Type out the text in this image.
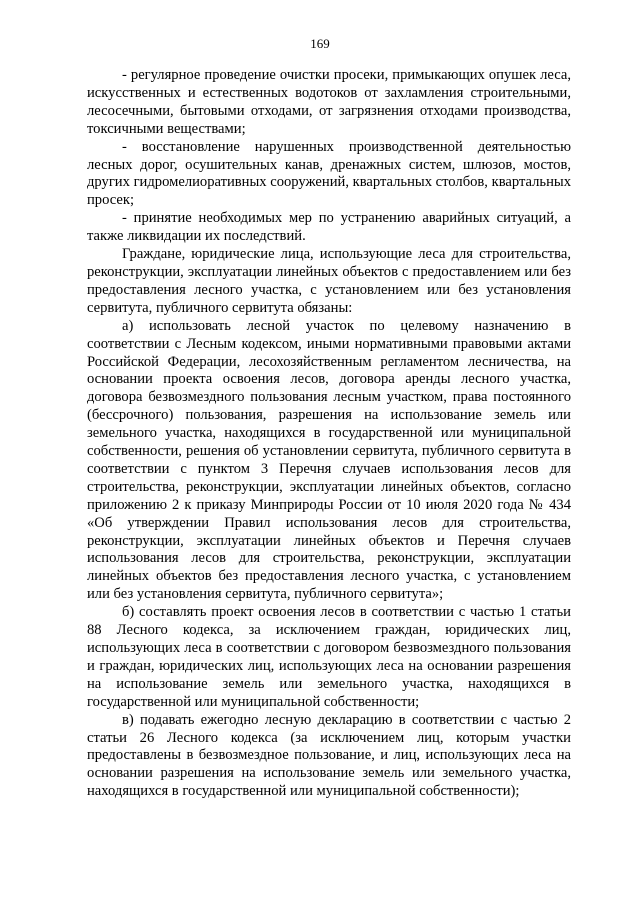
169

- регулярное проведение очистки просеки, примыкающих опушек леса, искусственных и естественных водотоков от захламления строительными, лесосечными, бытовыми отходами, от загрязнения отходами производства, токсичными веществами;

- восстановление нарушенных производственной деятельностью лесных дорог, осушительных канав, дренажных систем, шлюзов, мостов, других гидромелиоративных сооружений, квартальных столбов, квартальных просек;

- принятие необходимых мер по устранению аварийных ситуаций, а также ликвидации их последствий.

Граждане, юридические лица, использующие леса для строительства, реконструкции, эксплуатации линейных объектов с предоставлением или без предоставления лесного участка, с установлением или без установления сервитута, публичного сервитута обязаны:

а) использовать лесной участок по целевому назначению в соответствии с Лесным кодексом, иными нормативными правовыми актами Российской Федерации, лесохозяйственным регламентом лесничества, на основании проекта освоения лесов, договора аренды лесного участка, договора безвозмездного пользования лесным участком, права постоянного (бессрочного) пользования, разрешения на использование земель или земельного участка, находящихся в государственной или муниципальной собственности, решения об установлении сервитута, публичного сервитута в соответствии с пунктом 3 Перечня случаев использования лесов для строительства, реконструкции, эксплуатации линейных объектов, согласно приложению 2 к приказу Минприроды России от 10 июля 2020 года № 434 «Об утверждении Правил использования лесов для строительства, реконструкции, эксплуатации линейных объектов и Перечня случаев использования лесов для строительства, реконструкции, эксплуатации линейных объектов без предоставления лесного участка, с установлением или без установления сервитута, публичного сервитута»;

б) составлять проект освоения лесов в соответствии с частью 1 статьи 88 Лесного кодекса, за исключением граждан, юридических лиц, использующих леса в соответствии с договором безвозмездного пользования и граждан, юридических лиц, использующих леса на основании разрешения на использование земель или земельного участка, находящихся в государственной или муниципальной собственности;

в) подавать ежегодно лесную декларацию в соответствии с частью 2 статьи 26 Лесного кодекса (за исключением лиц, которым участки предоставлены в безвозмездное пользование, и лиц, использующих леса на основании разрешения на использование земель или земельного участка, находящихся в государственной или муниципальной собственности);
